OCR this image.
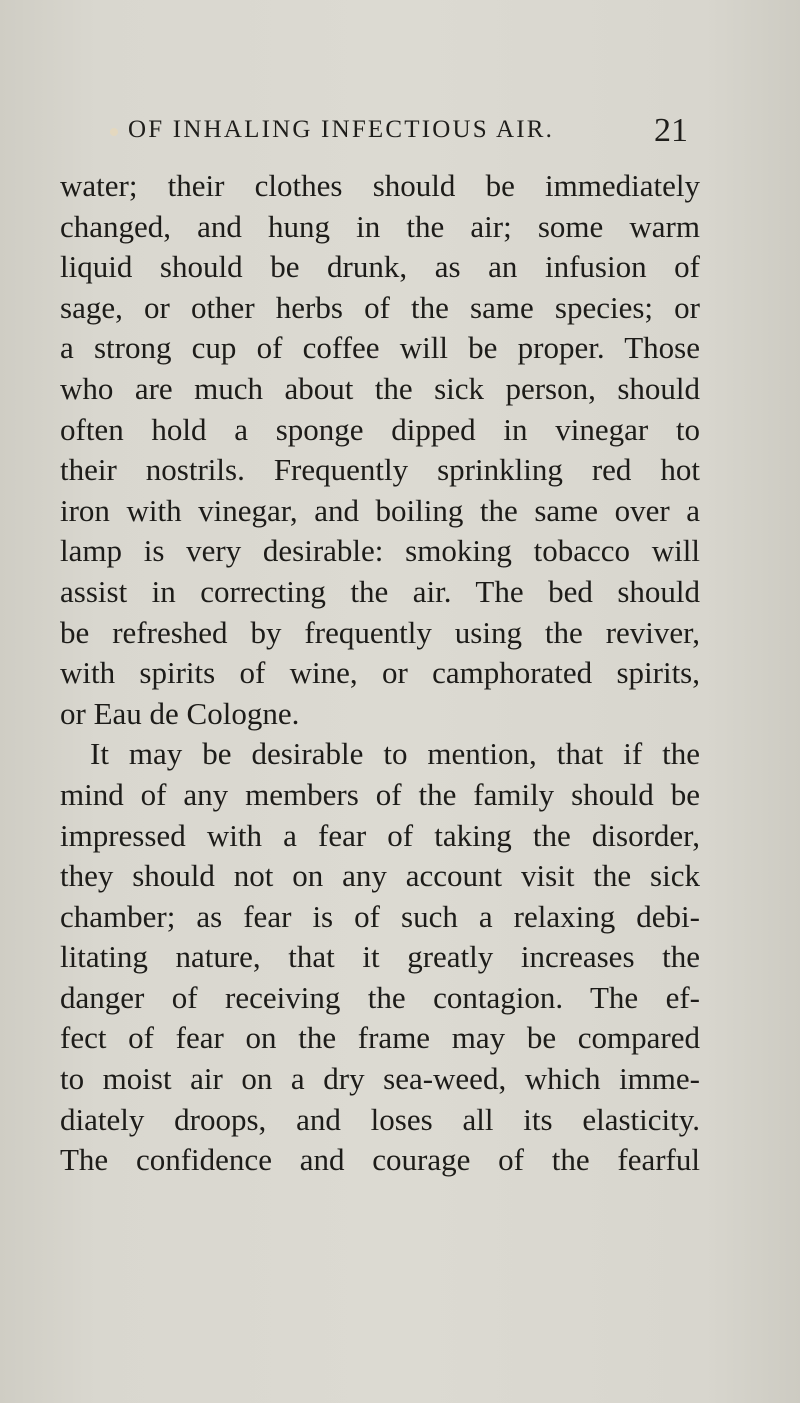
OF INHALING INFECTIOUS AIR.	21
water; their clothes should be immediately
changed, and hung in the air; some warm
liquid should be drunk, as an infusion of
sage, or other herbs of the same species; or
a strong cup of coffee will be proper. Those
who are much about the sick person, should
often hold a sponge dipped in vinegar to
their nostrils. Frequently sprinkling red hot
iron with vinegar, and boiling the same over a
lamp is very desirable: smoking tobacco will
assist in correcting the air. The bed should
be refreshed by frequently using the reviver,
with spirits of wine, or camphorated spirits,
or Eau de Cologne.
It may be desirable to mention, that if the
mind of any members of the family should be
impressed with a fear of taking the disorder,
they should not on any account visit the sick
chamber; as fear is of such a relaxing debi-
litating nature, that it greatly increases the
danger of receiving the contagion. The ef-
fect of fear on the frame may be compared
to moist air on a dry sea-weed, which imme-
diately droops, and loses all its elasticity.
The confidence and courage of the fearful
